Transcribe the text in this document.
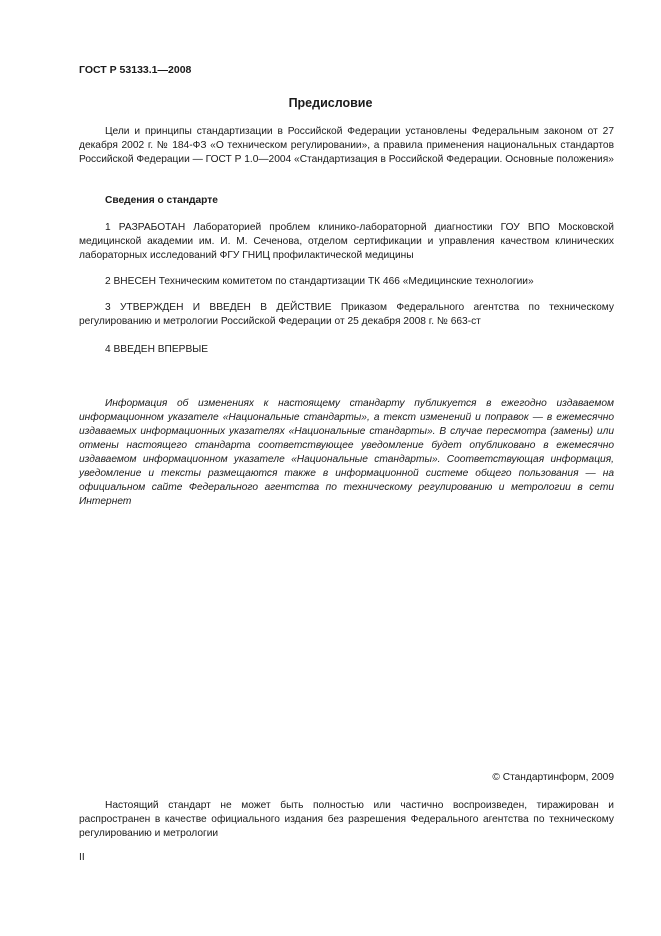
ГОСТ Р 53133.1—2008
Предисловие

Цели и принципы стандартизации в Российской Федерации установлены Федеральным законом от 27 декабря 2002 г. № 184-ФЗ «О техническом регулировании», а правила применения национальных стандартов Российской Федерации — ГОСТ Р 1.0—2004 «Стандартизация в Российской Федерации. Основные положения»

Сведения о стандарте

1 РАЗРАБОТАН Лабораторией проблем клинико-лабораторной диагностики ГОУ ВПО Московской медицинской академии им. И. М. Сеченова, отделом сертификации и управления качеством клинических лабораторных исследований ФГУ ГНИЦ профилактической медицины

2 ВНЕСЕН Техническим комитетом по стандартизации ТК 466 «Медицинские технологии»

3 УТВЕРЖДЕН И ВВЕДЕН В ДЕЙСТВИЕ Приказом Федерального агентства по техническому регулированию и метрологии Российской Федерации от 25 декабря 2008 г. № 663-ст

4 ВВЕДЕН ВПЕРВЫЕ

Информация об изменениях к настоящему стандарту публикуется в ежегодно издаваемом информационном указателе «Национальные стандарты», а текст изменений и поправок — в ежемесячно издаваемых информационных указателях «Национальные стандарты». В случае пересмотра (замены) или отмены настоящего стандарта соответствующее уведомление будет опубликовано в ежемесячно издаваемом информационном указателе «Национальные стандарты». Соответствующая информация, уведомление и тексты размещаются также в информационной системе общего пользования — на официальном сайте Федерального агентства по техническому регулированию и метрологии в сети Интернет

© Стандартинформ, 2009

Настоящий стандарт не может быть полностью или частично воспроизведен, тиражирован и распространен в качестве официального издания без разрешения Федерального агентства по техническому регулированию и метрологии

II
